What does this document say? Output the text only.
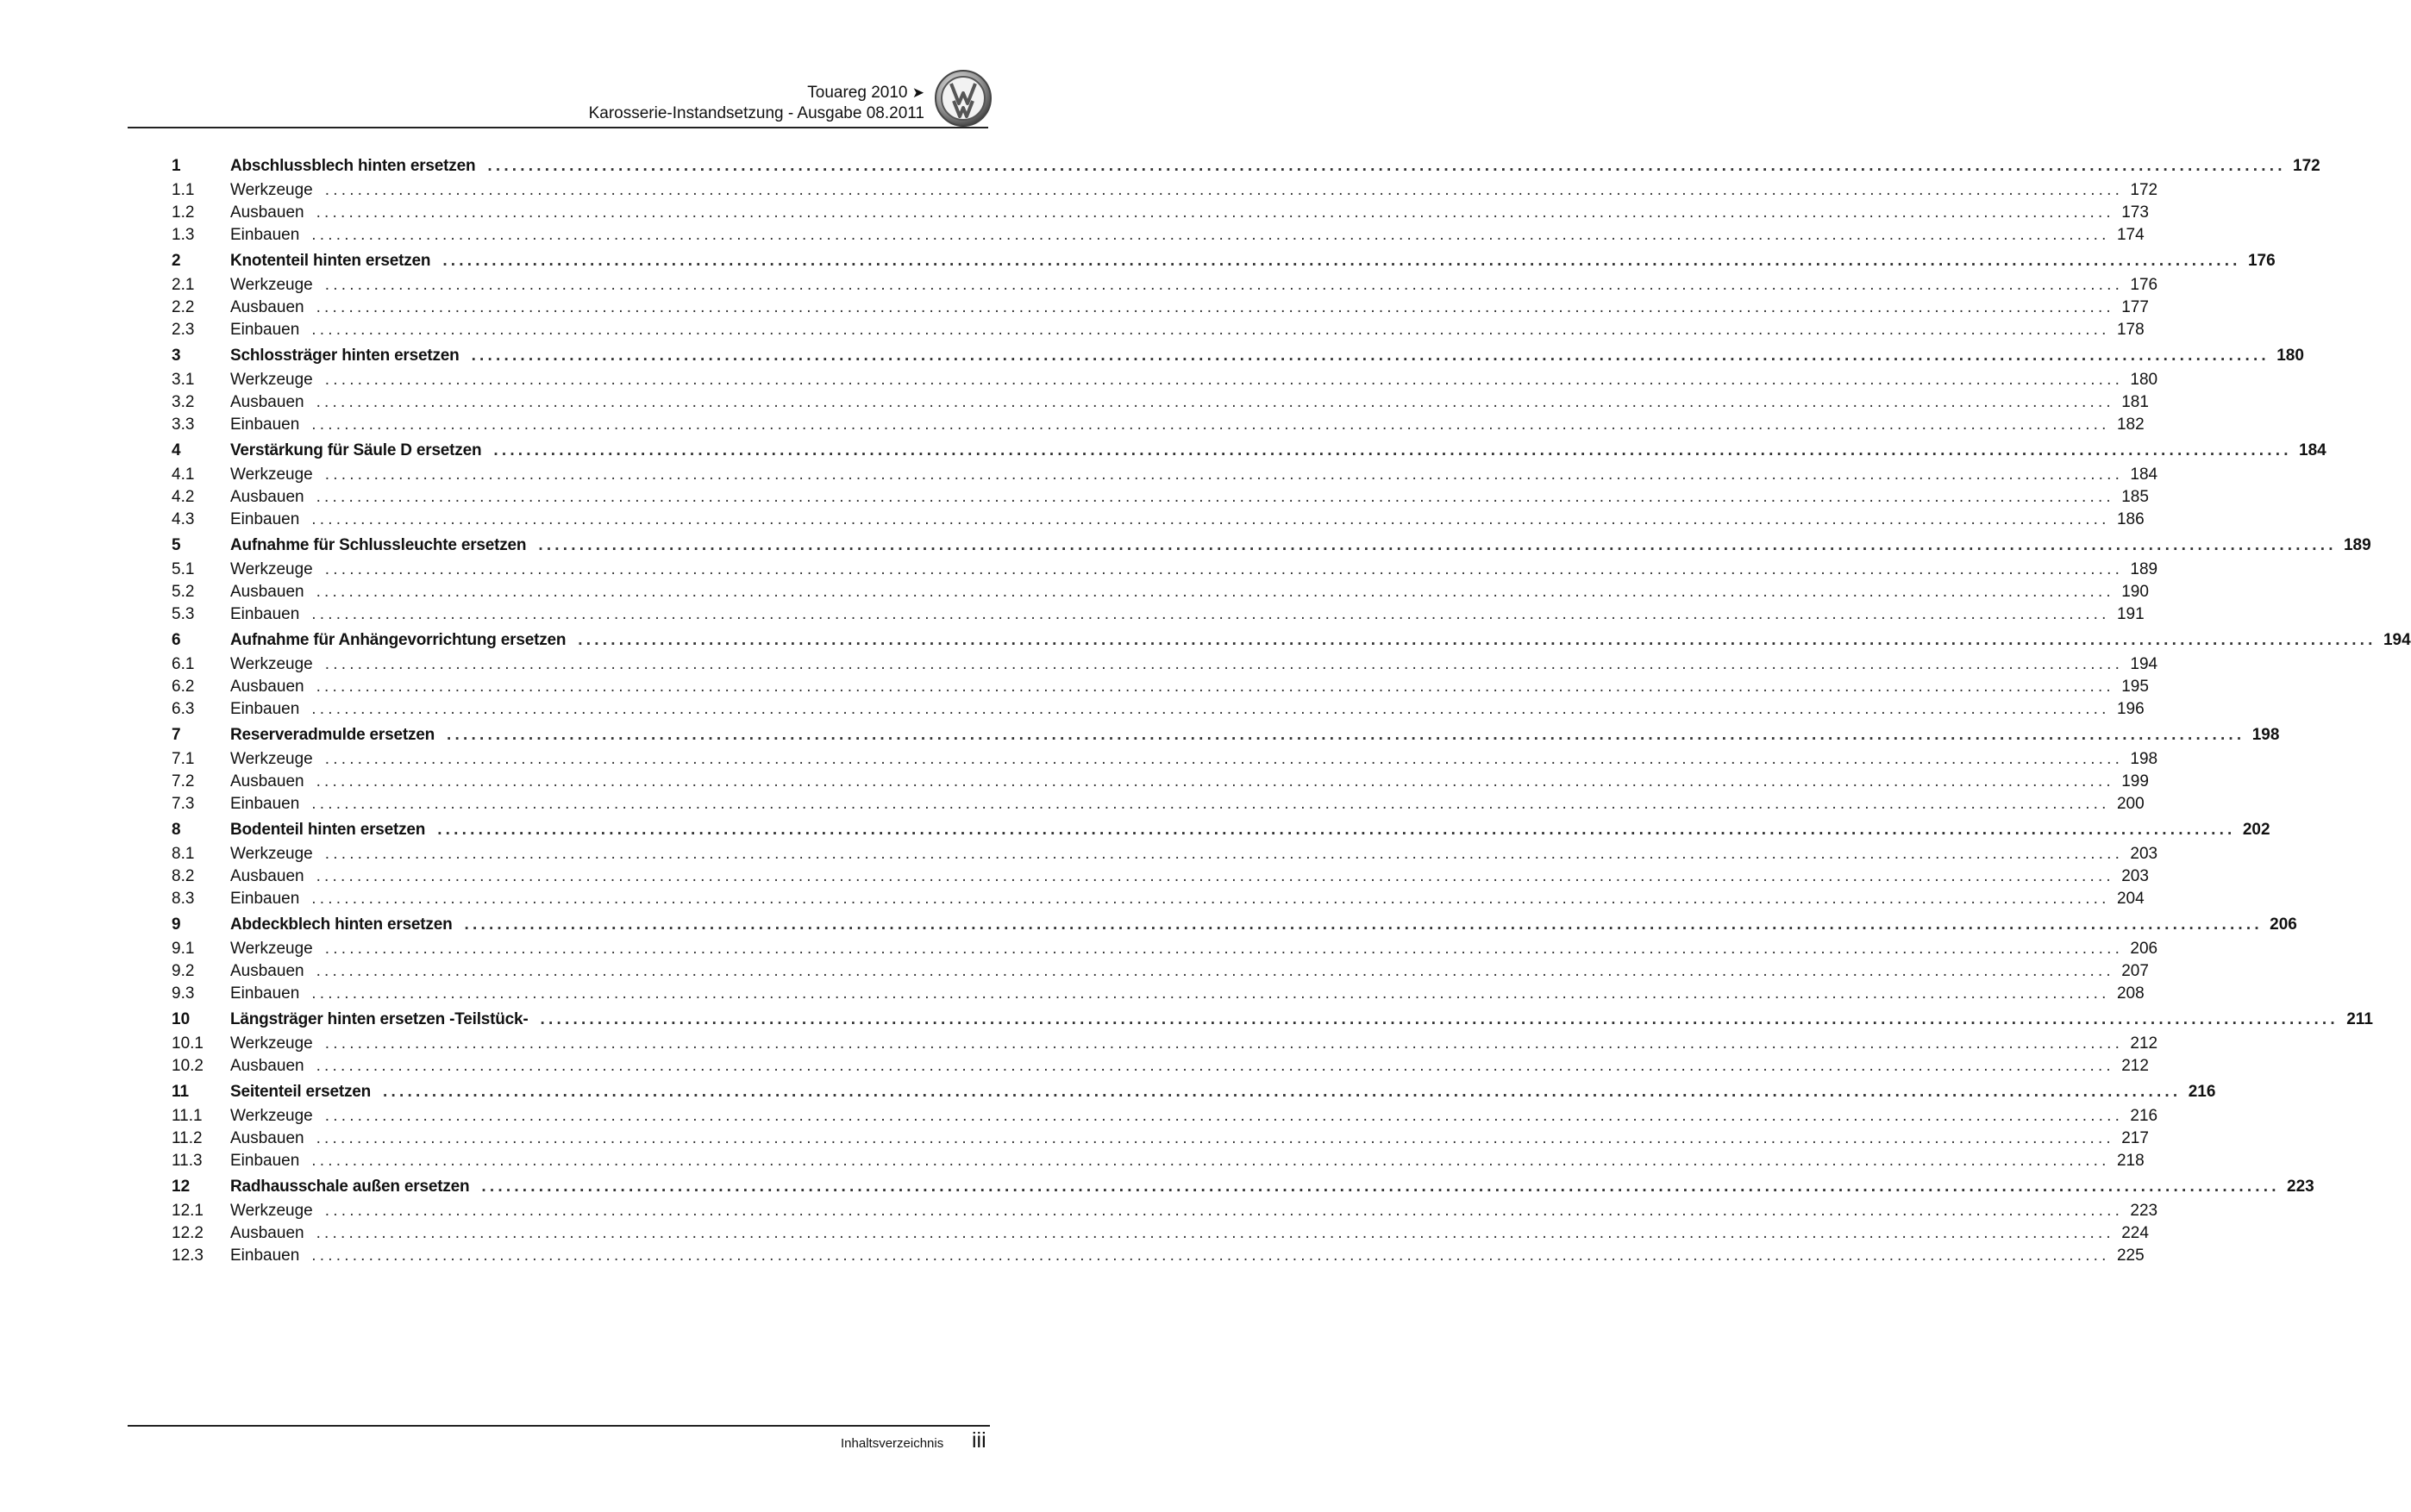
Touareg 2010 ➤
Karosserie-Instandsetzung - Ausgabe 08.2011
1	Abschlussblech hinten ersetzen ............................................................................................................................................................................................................................ 172
1.1	Werkzeuge ............................................................................................................................................................................................................................ 172
1.2	Ausbauen ............................................................................................................................................................................................................................ 173
1.3	Einbauen ............................................................................................................................................................................................................................ 174
2	Knotenteil hinten ersetzen ............................................................................................................................................................................................................................ 176
2.1	Werkzeuge ............................................................................................................................................................................................................................ 176
2.2	Ausbauen ............................................................................................................................................................................................................................ 177
2.3	Einbauen ............................................................................................................................................................................................................................ 178
3	Schlossträger hinten ersetzen ............................................................................................................................................................................................................................ 180
3.1	Werkzeuge ............................................................................................................................................................................................................................ 180
3.2	Ausbauen ............................................................................................................................................................................................................................ 181
3.3	Einbauen ............................................................................................................................................................................................................................ 182
4	Verstärkung für Säule D ersetzen ............................................................................................................................................................................................................................ 184
4.1	Werkzeuge ............................................................................................................................................................................................................................ 184
4.2	Ausbauen ............................................................................................................................................................................................................................ 185
4.3	Einbauen ............................................................................................................................................................................................................................ 186
5	Aufnahme für Schlussleuchte ersetzen ............................................................................................................................................................................................................................ 189
5.1	Werkzeuge ............................................................................................................................................................................................................................ 189
5.2	Ausbauen ............................................................................................................................................................................................................................ 190
5.3	Einbauen ............................................................................................................................................................................................................................ 191
6	Aufnahme für Anhängevorrichtung ersetzen ............................................................................................................................................................................................................................ 194
6.1	Werkzeuge ............................................................................................................................................................................................................................ 194
6.2	Ausbauen ............................................................................................................................................................................................................................ 195
6.3	Einbauen ............................................................................................................................................................................................................................ 196
7	Reserveradmulde ersetzen ............................................................................................................................................................................................................................ 198
7.1	Werkzeuge ............................................................................................................................................................................................................................ 198
7.2	Ausbauen ............................................................................................................................................................................................................................ 199
7.3	Einbauen ............................................................................................................................................................................................................................ 200
8	Bodenteil hinten ersetzen ............................................................................................................................................................................................................................ 202
8.1	Werkzeuge ............................................................................................................................................................................................................................ 203
8.2	Ausbauen ............................................................................................................................................................................................................................ 203
8.3	Einbauen ............................................................................................................................................................................................................................ 204
9	Abdeckblech hinten ersetzen ............................................................................................................................................................................................................................ 206
9.1	Werkzeuge ............................................................................................................................................................................................................................ 206
9.2	Ausbauen ............................................................................................................................................................................................................................ 207
9.3	Einbauen ............................................................................................................................................................................................................................ 208
10	Längsträger hinten ersetzen -Teilstück- ............................................................................................................................................................................................................................ 211
10.1	Werkzeuge ............................................................................................................................................................................................................................ 212
10.2	Ausbauen ............................................................................................................................................................................................................................ 212
11	Seitenteil ersetzen ............................................................................................................................................................................................................................ 216
11.1	Werkzeuge ............................................................................................................................................................................................................................ 216
11.2	Ausbauen ............................................................................................................................................................................................................................ 217
11.3	Einbauen ............................................................................................................................................................................................................................ 218
12	Radhausschale außen ersetzen ............................................................................................................................................................................................................................ 223
12.1	Werkzeuge ............................................................................................................................................................................................................................ 223
12.2	Ausbauen ............................................................................................................................................................................................................................ 224
12.3	Einbauen ............................................................................................................................................................................................................................ 225
Inhaltsverzeichnis iii
